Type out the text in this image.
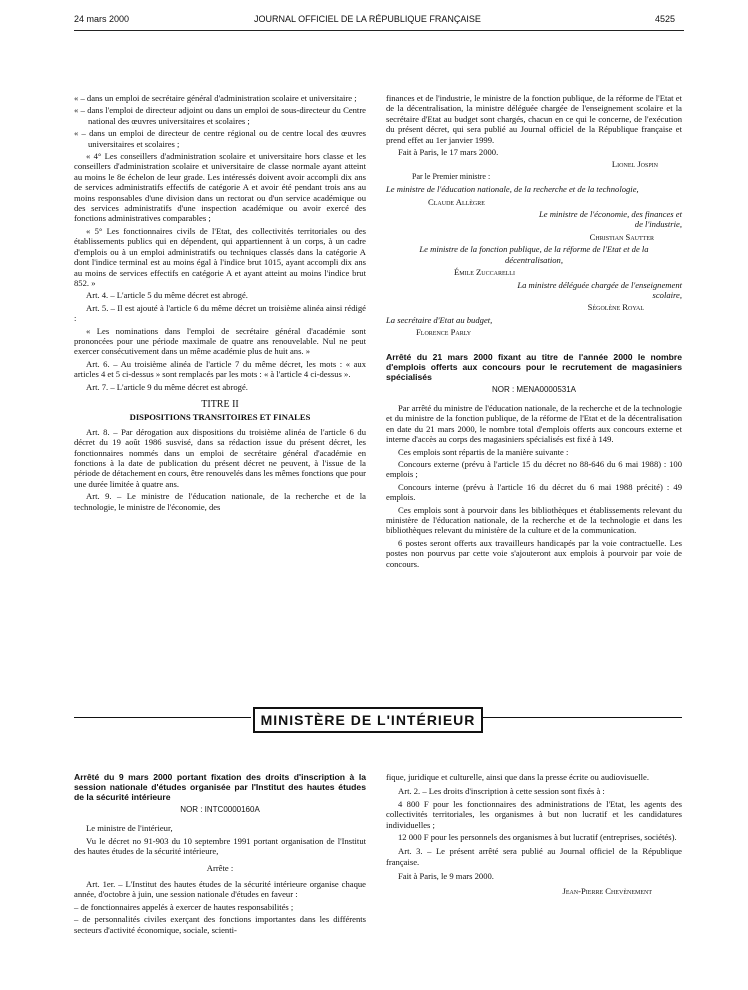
24 mars 2000	JOURNAL OFFICIEL DE LA RÉPUBLIQUE FRANÇAISE	4525

« – dans un emploi de secrétaire général d'administration scolaire et universitaire ;

« – dans l'emploi de directeur adjoint ou dans un emploi de sous-directeur du Centre national des œuvres universitaires et scolaires ;

« – dans un emploi de directeur de centre régional ou de centre local des œuvres universitaires et scolaires ;

« 4° Les conseillers d'administration scolaire et universitaire hors classe et les conseillers d'administration scolaire et universitaire de classe normale ayant atteint au moins le 8e échelon de leur grade. Les intéressés doivent avoir accompli dix ans de services administratifs effectifs de catégorie A et avoir été pendant trois ans au moins responsables d'une division dans un rectorat ou d'un service académique ou des services administratifs d'une inspection académique ou avoir exercé des fonctions administratives comparables ;

« 5° Les fonctionnaires civils de l'Etat, des collectivités territoriales ou des établissements publics qui en dépendent, qui appartiennent à un corps, à un cadre d'emplois ou à un emploi administratifs ou techniques classés dans la catégorie A dont l'indice terminal est au moins égal à l'indice brut 1015, ayant accompli dix ans au moins de services effectifs en catégorie A et ayant atteint au moins l'indice brut 852. »

Art. 4. – L'article 5 du même décret est abrogé.

Art. 5. – Il est ajouté à l'article 6 du même décret un troisième alinéa ainsi rédigé :

« Les nominations dans l'emploi de secrétaire général d'académie sont prononcées pour une période maximale de quatre ans renouvelable. Nul ne peut exercer consécutivement dans un même académie plus de huit ans. »

Art. 6. – Au troisième alinéa de l'article 7 du même décret, les mots : « aux articles 4 et 5 ci-dessus » sont remplacés par les mots : « à l'article 4 ci-dessus ».

Art. 7. – L'article 9 du même décret est abrogé.

TITRE II

DISPOSITIONS TRANSITOIRES ET FINALES

Art. 8. – Par dérogation aux dispositions du troisième alinéa de l'article 6 du décret du 19 août 1986 susvisé, dans sa rédaction issue du présent décret, les fonctionnaires nommés dans un emploi de secrétaire général d'académie en fonctions à la date de publication du présent décret ne peuvent, à l'issue de la période de détachement en cours, être renouvelés dans les mêmes fonctions que pour une durée limitée à quatre ans.

Art. 9. – Le ministre de l'éducation nationale, de la recherche et de la technologie, le ministre de l'économie, des

finances et de l'industrie, le ministre de la fonction publique, de la réforme de l'Etat et de la décentralisation, la ministre déléguée chargée de l'enseignement scolaire et la secrétaire d'Etat au budget sont chargés, chacun en ce qui le concerne, de l'exécution du présent décret, qui sera publié au Journal officiel de la République française et prend effet au 1er janvier 1999.

Fait à Paris, le 17 mars 2000.

Lionel Jospin

Par le Premier ministre :

Le ministre de l'éducation nationale, de la recherche et de la technologie,

Claude Allègre

Le ministre de l'économie, des finances et de l'industrie,

Christian Sautter

Le ministre de la fonction publique, de la réforme de l'Etat et de la décentralisation,

Émile Zuccarelli

La ministre déléguée chargée de l'enseignement scolaire,

Ségolène Royal

La secrétaire d'Etat au budget,

Florence Parly

Arrêté du 21 mars 2000 fixant au titre de l'année 2000 le nombre d'emplois offerts aux concours pour le recrutement de magasiniers spécialisés

NOR : MENA0000531A

Par arrêté du ministre de l'éducation nationale, de la recherche et de la technologie et du ministre de la fonction publique, de la réforme de l'Etat et de la décentralisation en date du 21 mars 2000, le nombre total d'emplois offerts aux concours externe et interne d'accès au corps des magasiniers spécialisés est fixé à 149.

Ces emplois sont répartis de la manière suivante :

Concours externe (prévu à l'article 15 du décret no 88-646 du 6 mai 1988) : 100 emplois ;

Concours interne (prévu à l'article 16 du décret du 6 mai 1988 précité) : 49 emplois.

Ces emplois sont à pourvoir dans les bibliothèques et établissements relevant du ministère de l'éducation nationale, de la recherche et de la technologie et dans les bibliothèques relevant du ministère de la culture et de la communication.

6 postes seront offerts aux travailleurs handicapés par la voie contractuelle. Les postes non pourvus par cette voie s'ajouteront aux emplois à pourvoir par voie de concours.

MINISTÈRE DE L'INTÉRIEUR

Arrêté du 9 mars 2000 portant fixation des droits d'inscription à la session nationale d'études organisée par l'Institut des hautes études de la sécurité intérieure

NOR : INTC0000160A

Le ministre de l'intérieur,

Vu le décret no 91-903 du 10 septembre 1991 portant organisation de l'Institut des hautes études de la sécurité intérieure,

Arrête :

Art. 1er. – L'Institut des hautes études de la sécurité intérieure organise chaque année, d'octobre à juin, une session nationale d'études en faveur :

– de fonctionnaires appelés à exercer de hautes responsabilités ;

– de personnalités civiles exerçant des fonctions importantes dans les différents secteurs d'activité économique, sociale, scienti-

fique, juridique et culturelle, ainsi que dans la presse écrite ou audiovisuelle.

Art. 2. – Les droits d'inscription à cette session sont fixés à :

4 800 F pour les fonctionnaires des administrations de l'Etat, les agents des collectivités territoriales, les organismes à but non lucratif et les candidatures individuelles ;

12 000 F pour les personnels des organismes à but lucratif (entreprises, sociétés).

Art. 3. – Le présent arrêté sera publié au Journal officiel de la République française.

Fait à Paris, le 9 mars 2000.

Jean-Pierre Chevènement
